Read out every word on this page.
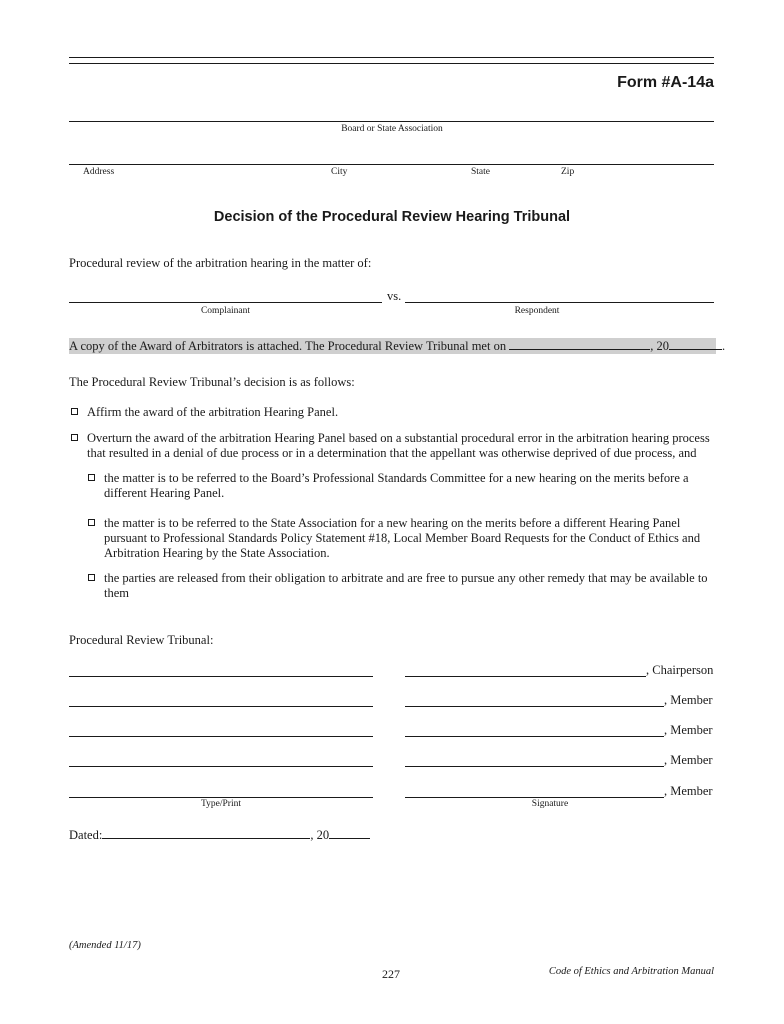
Form #A-14a
Board or State Association
Address	City	State	Zip
Decision of the Procedural Review Hearing Tribunal
Procedural review of the arbitration hearing in the matter of:
vs.
Complainant	Respondent
A copy of the Award of Arbitrators is attached. The Procedural Review Tribunal met on	, 20	.
The Procedural Review Tribunal’s decision is as follows:
Affirm the award of the arbitration Hearing Panel.
Overturn the award of the arbitration Hearing Panel based on a substantial procedural error in the arbitration hearing process that resulted in a denial of due process or in a determination that the appellant was otherwise deprived of due process, and
the matter is to be referred to the Board’s Professional Standards Committee for a new hearing on the merits before a different Hearing Panel.
the matter is to be referred to the State Association for a new hearing on the merits before a different Hearing Panel pursuant to Professional Standards Policy Statement #18, Local Member Board Requests for the Conduct of Ethics and Arbitration Hearing by the State Association.
the parties are released from their obligation to arbitrate and are free to pursue any other remedy that may be available to them
Procedural Review Tribunal:
, Chairperson
, Member
, Member
, Member
, Member
Type/Print	Signature
Dated:	, 20
(Amended 11/17)
227	Code of Ethics and Arbitration Manual
